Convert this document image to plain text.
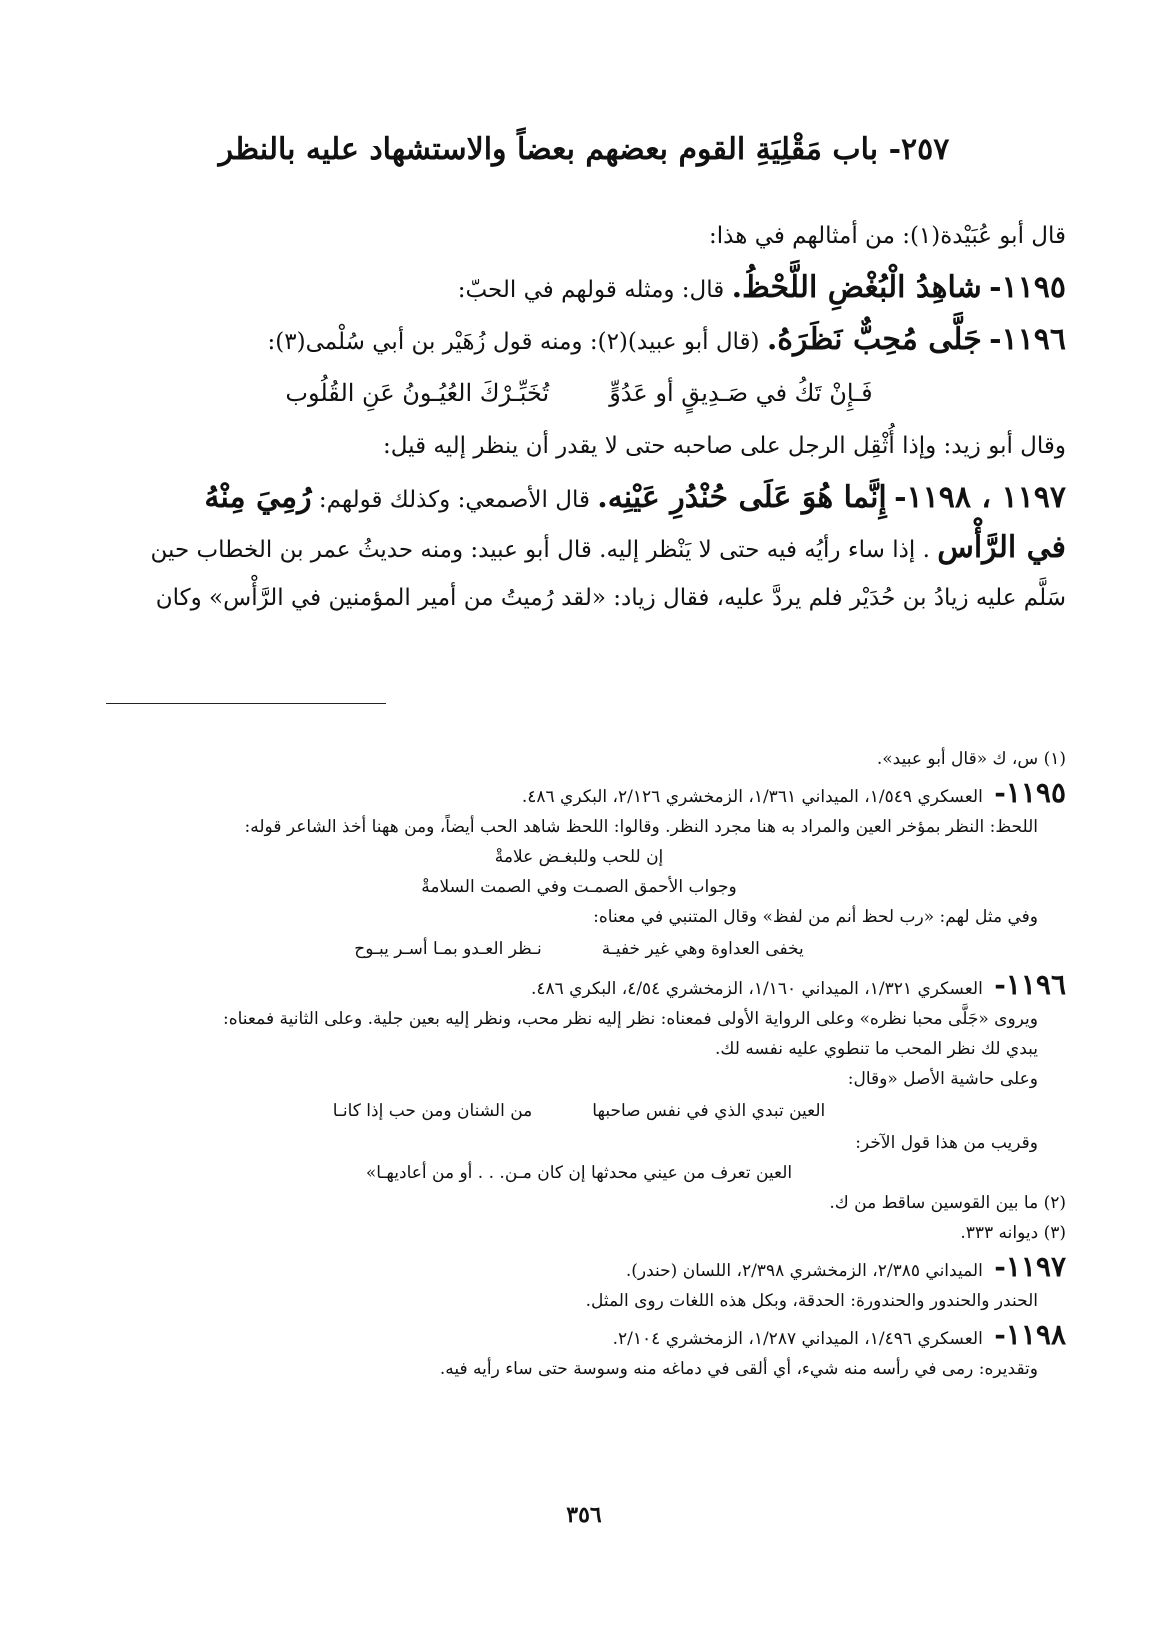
٢٥٧- باب مَقْلِيَةِ القوم بعضهم بعضاً والاستشهاد عليه بالنظر

قال أبو عُبَيْدة(١): من أمثالهم في هذا:

١١٩٥- شاهِدُ الْبُغْضِ اللَّحْظُ. قال: ومثله قولهم في الحبّ:

١١٩٦- جَلَّى مُحِبٌّ نَظَرَهُ. (قال أبو عبيد)(٢): ومنه قول زُهَيْر بن أبي سُلْمى(٣):

فَـإِنْ تَكُ في صَـدِيقٍ أو عَدُوٍّ
تُخَبِّـرْكَ العُيُـونُ عَنِ القُلُوب

وقال أبو زيد: وإذا أُثْقِل الرجل على صاحبه حتى لا يقدر أن ينظر إليه قيل:

١١٩٧ ، ١١٩٨- إِنَّما هُوَ عَلَى حُنْدُرِ عَيْنِه. قال الأصمعي: وكذلك قولهم: رُمِيَ مِنْهُ

في الرَّأْس . إذا ساء رأيُه فيه حتى لا يَنْظر إليه. قال أبو عبيد: ومنه حديثُ عمر بن الخطاب حين

سَلَّم عليه زيادُ بن حُدَيْر فلم يردَّ عليه، فقال زياد: «لقد رُميتُ من أمير المؤمنين في الرَّأْس» وكان

(١) س، ك «قال أبو عبيد».
١١٩٥- العسكري ١/٥٤٩، الميداني ١/٣٦١، الزمخشري ٢/١٢٦، البكري ٤٨٦.
اللحظ: النظر بمؤخر العين والمراد به هنا مجرد النظر. وقالوا: اللحظ شاهد الحب أيضاً، ومن ههنا أخذ الشاعر قوله:
إن للحب وللبغـض علامةْ
وجواب الأحمق الصمـت وفي الصمت السلامةْ
وفي مثل لهم: «رب لحظ أنم من لفظ» وقال المتنبي في معناه:
يخفى العداوة وهي غير خفيـة
نـظر العـدو بمـا أسـر يبـوح
١١٩٦- العسكري ١/٣٢١، الميداني ١/١٦٠، الزمخشري ٤/٥٤، البكري ٤٨٦.
ويروى «جَلَّى محبا نظره» وعلى الرواية الأولى فمعناه: نظر إليه نظر محب، ونظر إليه بعين جلية. وعلى الثانية فمعناه:
يبدي لك نظر المحب ما تنطوي عليه نفسه لك.
وعلى حاشية الأصل «وقال:
العين تبدي الذي في نفس صاحبها
من الشنان ومن حب إذا كانـا
وقريب من هذا قول الآخر:
العين تعرف من عيني محدثها إن كان مـن. . . أو من أعاديهـا»
(٢) ما بين القوسين ساقط من ك.
(٣) ديوانه ٣٣٣.
١١٩٧- الميداني ٢/٣٨٥، الزمخشري ٢/٣٩٨، اللسان (حندر).
الحندر والحندور والحندورة: الحدقة، وبكل هذه اللغات روى المثل.
١١٩٨- العسكري ١/٤٩٦، الميداني ١/٢٨٧، الزمخشري ٢/١٠٤.
وتقديره: رمى في رأسه منه شيء، أي ألقى في دماغه منه وسوسة حتى ساء رأيه فيه.
٣٥٦
